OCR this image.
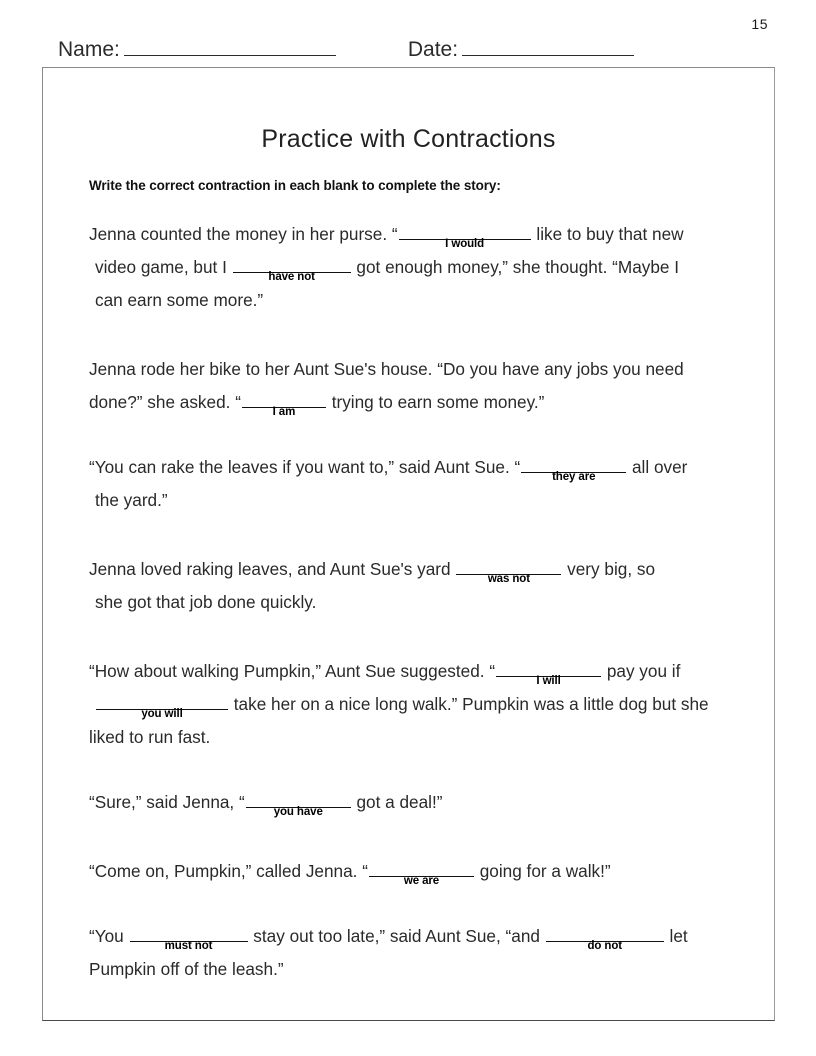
15
Name:	Date:
Practice with Contractions
Write the correct contraction in each blank to complete the story:
Jenna counted the money in her purse. “	I would	like to buy that new
video game, but I	have not	got enough money,” she thought. “Maybe I
can earn some more.”
Jenna rode her bike to her Aunt Sue's house. “Do you have any jobs you need
done?” she asked. “	I am	trying to earn some money.”
“You can rake the leaves if you want to,” said Aunt Sue. “	they are	all over
the yard.”
Jenna loved raking leaves, and Aunt Sue's yard	was not	very big, so
she got that job done quickly.
“How about walking Pumpkin,” Aunt Sue suggested. “	I will	pay you if
you will	take her on a nice long walk.” Pumpkin was a little dog but she
liked to run fast.
“Sure,” said Jenna, “	you have	got a deal!”
“Come on, Pumpkin,” called Jenna. “	we are	going for a walk!”
“You	must not	stay out too late,” said Aunt Sue, “and	do not	let
Pumpkin off of the leash.”
